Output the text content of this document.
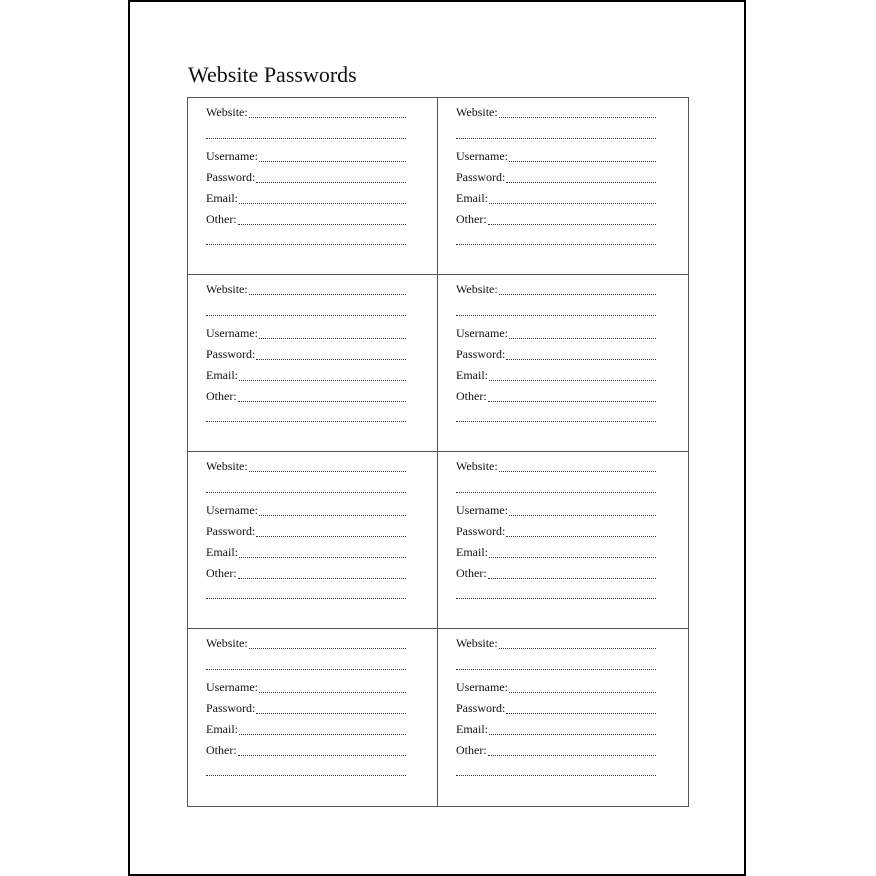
Website Passwords
Website:
Username:
Password:
Email:
Other:
Website:
Username:
Password:
Email:
Other:
Website:
Username:
Password:
Email:
Other:
Website:
Username:
Password:
Email:
Other:
Website:
Username:
Password:
Email:
Other:
Website:
Username:
Password:
Email:
Other:
Website:
Username:
Password:
Email:
Other:
Website:
Username:
Password:
Email:
Other:
